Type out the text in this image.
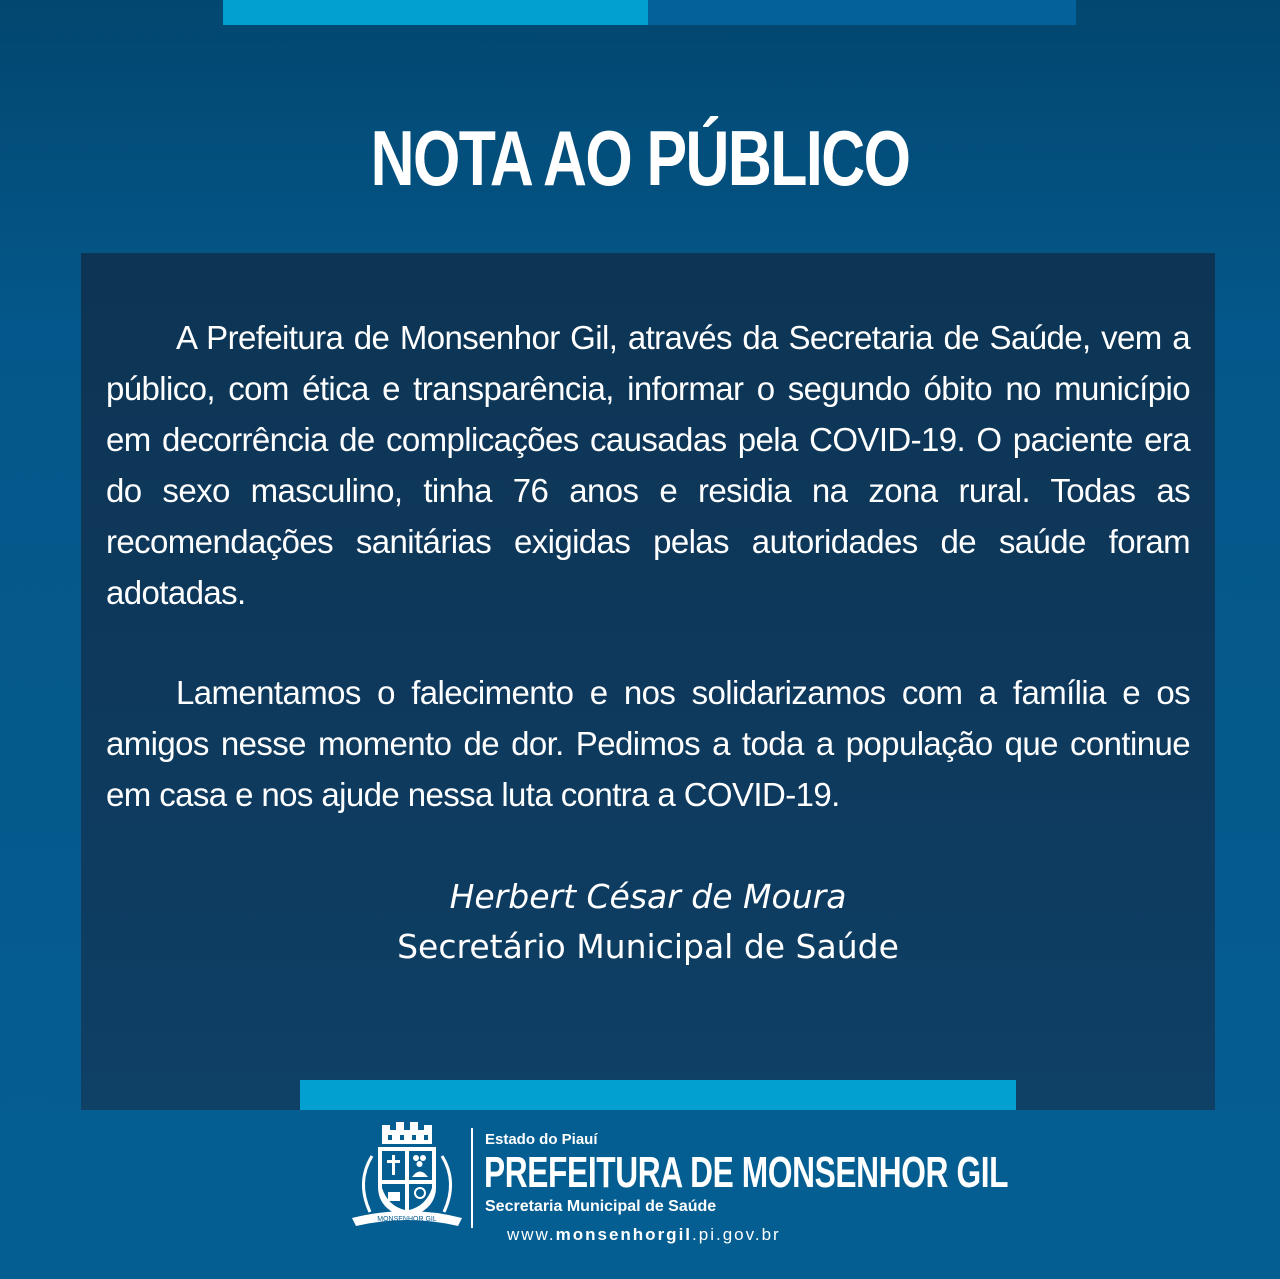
NOTA AO PÚBLICO
A Prefeitura de Monsenhor Gil, através da Secretaria de Saúde, vem a público, com ética e transparência, informar o segundo óbito no município em decorrência de complicações causadas pela COVID-19. O paciente era do sexo masculino, tinha 76 anos e residia na zona rural. Todas as recomendações sanitárias exigidas pelas autoridades de saúde foram adotadas.
Lamentamos o falecimento e nos solidarizamos com a família e os amigos nesse momento de dor. Pedimos a toda a população que continue em casa e nos ajude nessa luta contra a COVID-19.
Herbert César de Moura
Secretário Municipal de Saúde
MONSENHOR GIL
Estado do Piauí
PREFEITURA DE MONSENHOR GIL
Secretaria Municipal de Saúde
www.monsenhorgil.pi.gov.br
